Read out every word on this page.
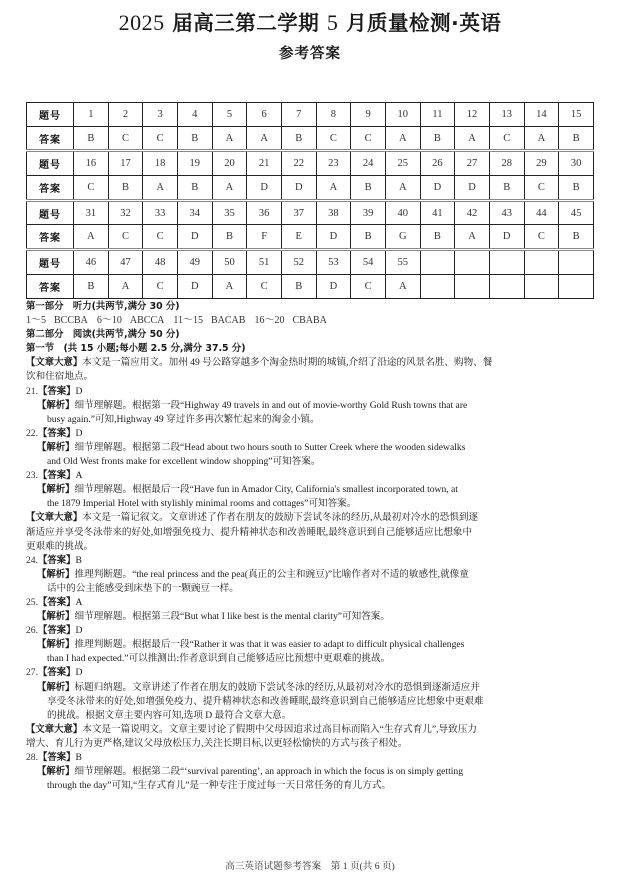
2025 届高三第二学期 5 月质量检测·英语
参考答案
题号	1	2	3	4	5	6	7	8	9	10	11	12	13	14	15
答案	B	C	C	B	A	A	B	C	C	A	B	A	C	A	B
题号	16	17	18	19	20	21	22	23	24	25	26	27	28	29	30
答案	C	B	A	B	A	D	D	A	B	A	D	D	B	C	B
题号	31	32	33	34	35	36	37	38	39	40	41	42	43	44	45
答案	A	C	C	D	B	F	E	D	B	G	B	A	D	C	B
题号	46	47	48	49	50	51	52	53	54	55					
答案	B	A	C	D	A	C	B	D	C	A					
第一部分　听力(共两节,满分 30 分)
1～5 BCCBA 6～10 ABCCA 11～15 BACAB 16～20 CBABA
第二部分　阅读(共两节,满分 50 分)
第一节　(共 15 小题;每小题 2.5 分,满分 37.5 分)
【文章大意】本文是一篇应用文。加州 49 号公路穿越多个淘金热时期的城镇,介绍了沿途的风景名胜、购物、餐
饮和住宿地点。
21.【答案】D
【解析】细节理解题。根据第一段“Highway 49 travels in and out of movie-worthy Gold Rush towns that are
busy again.”可知,Highway 49 穿过许多再次繁忙起来的淘金小镇。
22.【答案】D
【解析】细节理解题。根据第二段“Head about two hours south to Sutter Creek where the wooden sidewalks
and Old West fronts make for excellent window shopping”可知答案。
23.【答案】A
【解析】细节理解题。根据最后一段“Have fun in Amador City, California's smallest incorporated town, at
the 1879 Imperial Hotel with stylishly minimal rooms and cottages”可知答案。
【文章大意】本文是一篇记叙文。文章讲述了作者在朋友的鼓励下尝试冬泳的经历,从最初对冷水的恐惧到逐
渐适应并享受冬泳带来的好处,如增强免疫力、提升精神状态和改善睡眠,最终意识到自己能够适应比想象中
更艰难的挑战。
24.【答案】B
【解析】推理判断题。“the real princess and the pea(真正的公主和豌豆)”比喻作者对不适的敏感性,就像童
话中的公主能感受到床垫下的一颗豌豆一样。
25.【答案】A
【解析】细节理解题。根据第三段“But what I like best is the mental clarity”可知答案。
26.【答案】D
【解析】推理判断题。根据最后一段“Rather it was that it was easier to adapt to difficult physical challenges
than I had expected.”可以推测出:作者意识到自己能够适应比预想中更艰难的挑战。
27.【答案】D
【解析】标题归纳题。文章讲述了作者在朋友的鼓励下尝试冬泳的经历,从最初对冷水的恐惧到逐渐适应并
享受冬泳带来的好处,如增强免疫力、提升精神状态和改善睡眠,最终意识到自己能够适应比想象中更艰难
的挑战。根据文章主要内容可知,选项 D 最符合文章大意。
【文章大意】本文是一篇说明文。文章主要讨论了假期中父母因追求过高目标而陷入“生存式育儿”,导致压力
增大、育儿行为更严格,建议父母放松压力,关注长期目标,以更轻松愉快的方式与孩子相处。
28.【答案】B
【解析】细节理解题。根据第二段“‘survival parenting’, an approach in which the focus is on simply getting
through the day”可知,“生存式育儿”是一种专注于度过每一天日常任务的育儿方式。
高三英语试题参考答案　第 1 页(共 6 页)
